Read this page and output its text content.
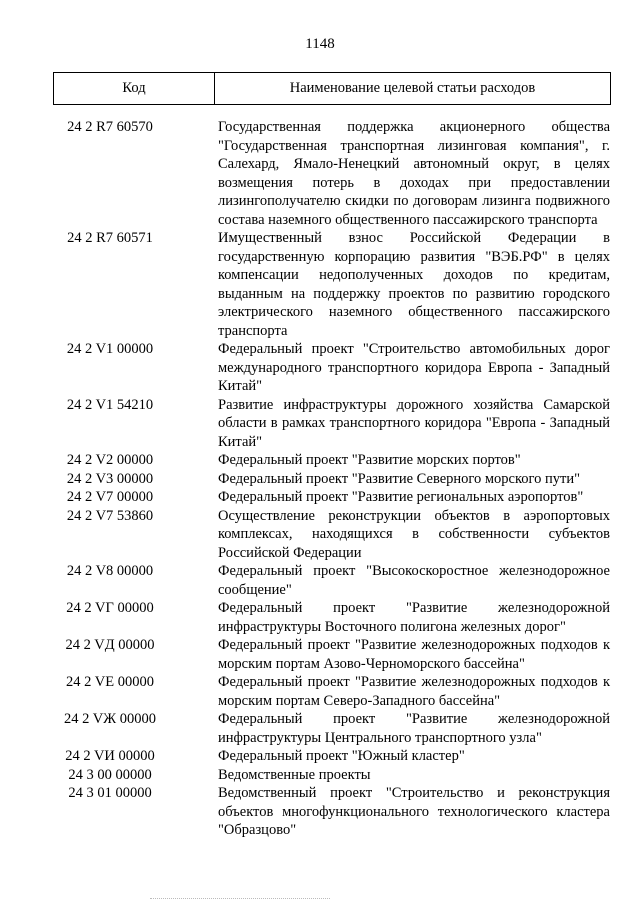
1148
Код	Наименование целевой статьи расходов
24 2 R7 60570	Государственная поддержка акционерного общества "Государственная транспортная лизинговая компания", г. Салехард, Ямало-Ненецкий автономный округ, в целях возмещения потерь в доходах при предоставлении лизингополучателю скидки по договорам лизинга подвижного состава наземного общественного пассажирского транспорта
24 2 R7 60571	Имущественный взнос Российской Федерации в государственную корпорацию развития "ВЭБ.РФ" в целях компенсации недополученных доходов по кредитам, выданным на поддержку проектов по развитию городского электрического наземного общественного пассажирского транспорта
24 2 V1 00000	Федеральный проект "Строительство автомобильных дорог международного транспортного коридора Европа - Западный Китай"
24 2 V1 54210	Развитие инфраструктуры дорожного хозяйства Самарской области в рамках транспортного коридора "Европа - Западный Китай"
24 2 V2 00000	Федеральный проект "Развитие морских портов"
24 2 V3 00000	Федеральный проект "Развитие Северного морского пути"
24 2 V7 00000	Федеральный проект "Развитие региональных аэропортов"
24 2 V7 53860	Осуществление реконструкции объектов в аэропортовых комплексах, находящихся в собственности субъектов Российской Федерации
24 2 V8 00000	Федеральный проект "Высокоскоростное железнодорожное сообщение"
24 2 VГ 00000	Федеральный проект "Развитие железнодорожной инфраструктуры Восточного полигона железных дорог"
24 2 VД 00000	Федеральный проект "Развитие железнодорожных подходов к морским портам Азово-Черноморского бассейна"
24 2 VE 00000	Федеральный проект "Развитие железнодорожных подходов к морским портам Северо-Западного бассейна"
24 2 VЖ 00000	Федеральный проект "Развитие железнодорожной инфраструктуры Центрального транспортного узла"
24 2 VИ 00000	Федеральный проект "Южный кластер"
24 3 00 00000	Ведомственные проекты
24 3 01 00000	Ведомственный проект "Строительство и реконструкция объектов многофункционального технологического кластера "Образцово"
